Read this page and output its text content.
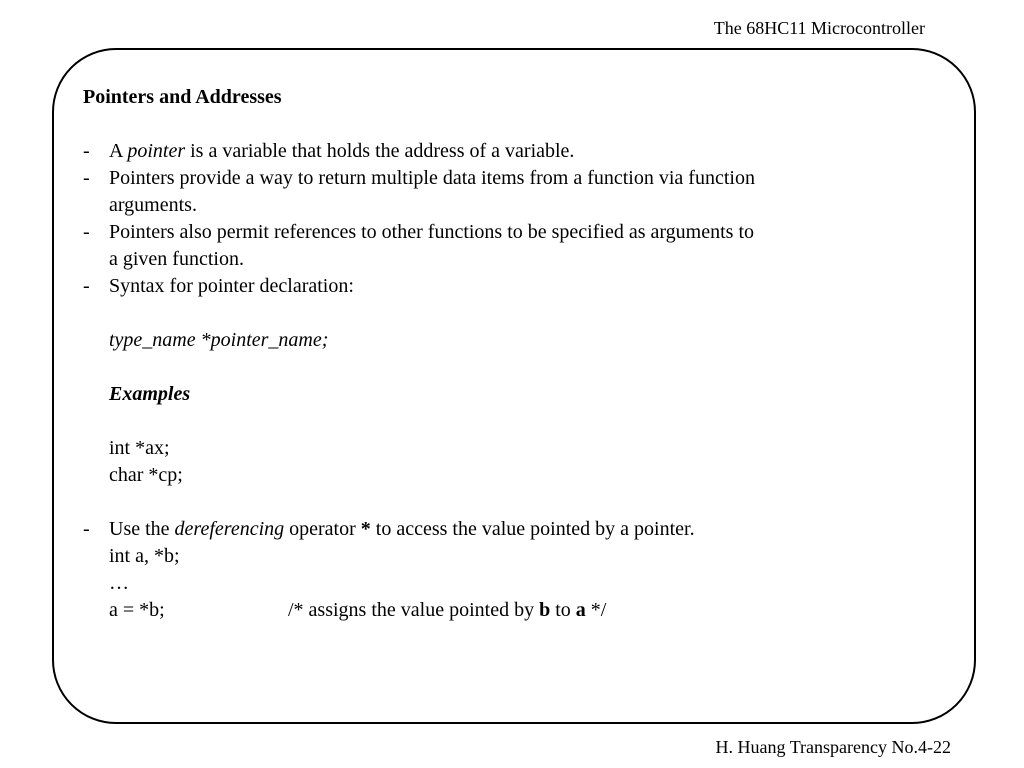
The 68HC11 Microcontroller
Pointers and Addresses
- A pointer is a variable that holds the address of a variable.
- Pointers provide a way to return multiple data items from a function via function
arguments.
- Pointers also permit references to other functions to be specified as arguments to
a given function.
- Syntax for pointer declaration:
type_name *pointer_name;
Examples
int *ax;
char *cp;
- Use the dereferencing operator * to access the value pointed by a pointer.
int a, *b;
…
a = *b;	/* assigns the value pointed by b to a */
H. Huang Transparency No.4-22
